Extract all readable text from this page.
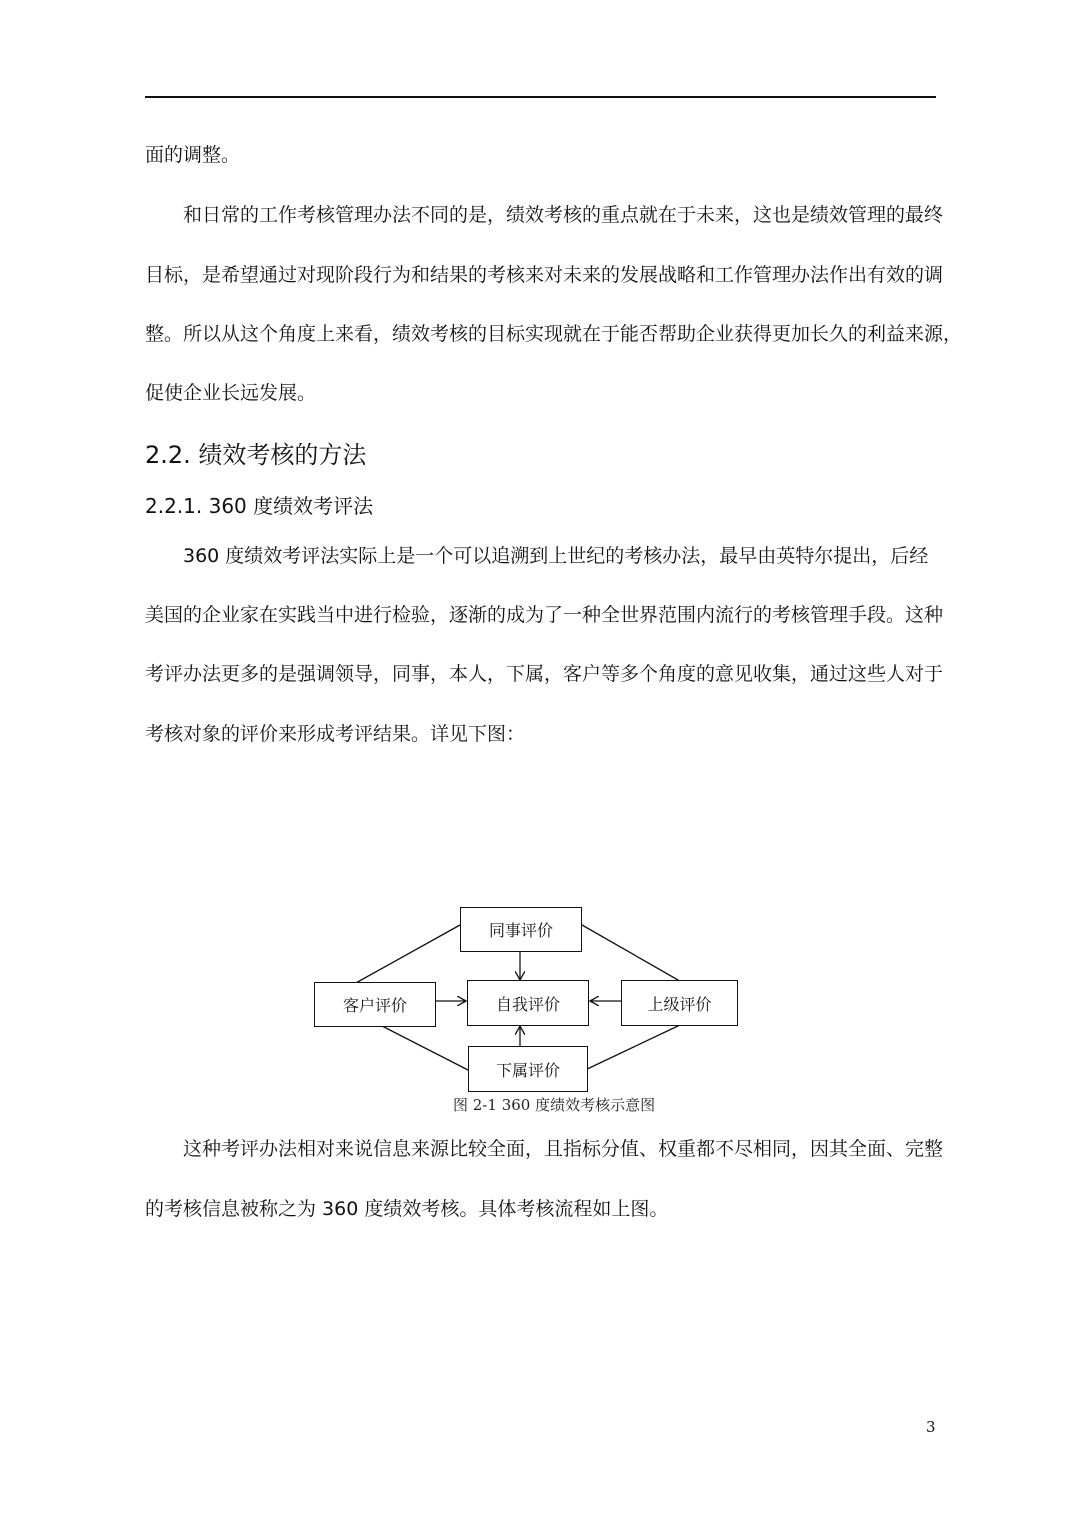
面的调整。
和日常的工作考核管理办法不同的是，绩效考核的重点就在于未来，这也是绩效管理的最终
目标，是希望通过对现阶段行为和结果的考核来对未来的发展战略和工作管理办法作出有效的调
整。所以从这个角度上来看，绩效考核的目标实现就在于能否帮助企业获得更加长久的利益来源，
促使企业长远发展。
2.2. 绩效考核的方法
2.2.1. 360 度绩效考评法
360 度绩效考评法实际上是一个可以追溯到上世纪的考核办法，最早由英特尔提出，后经
美国的企业家在实践当中进行检验，逐渐的成为了一种全世界范围内流行的考核管理手段。这种
考评办法更多的是强调领导，同事，本人，下属，客户等多个角度的意见收集，通过这些人对于
考核对象的评价来形成考评结果。详见下图：
同事评价
自我评价
客户评价	上级评价
下属评价
图 2-1 360 度绩效考核示意图
这种考评办法相对来说信息来源比较全面，且指标分值、权重都不尽相同，因其全面、完整
的考核信息被称之为 360 度绩效考核。具体考核流程如上图。
3
